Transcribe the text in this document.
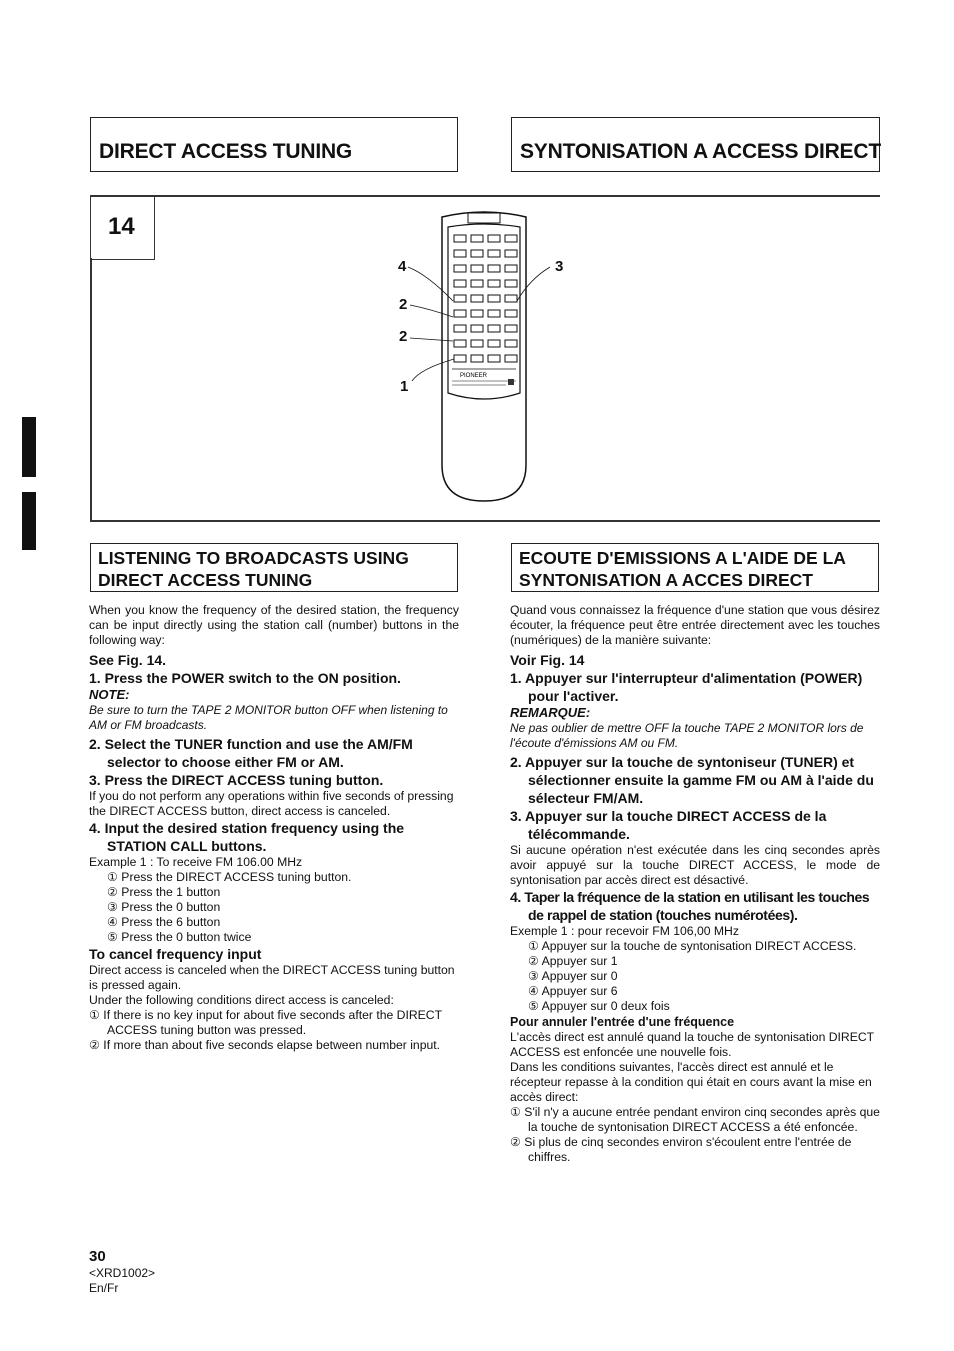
DIRECT ACCESS TUNING	SYNTONISATION A ACCESS DIRECT
14
PIONEER
4
2
2
1
3
LISTENING TO BROADCASTS USING DIRECT ACCESS TUNING
ECOUTE D'EMISSIONS A L'AIDE DE LA SYNTONISATION A ACCES DIRECT

When you know the frequency of the desired station, the frequency can be input directly using the station call (number) buttons in the following way:

See Fig. 14.

1. Press the POWER switch to the ON position.

NOTE:

Be sure to turn the TAPE 2 MONITOR button OFF when listening to AM or FM broadcasts.

2. Select the TUNER function and use the AM/FM selector to choose either FM or AM.

3. Press the DIRECT ACCESS tuning button.

If you do not perform any operations within five seconds of pressing the DIRECT ACCESS button, direct access is canceled.

4. Input the desired station frequency using the STATION CALL buttons.

Example 1 : To receive FM 106.00 MHz

① Press the DIRECT ACCESS tuning button.
② Press the 1 button
③ Press the 0 button
④ Press the 6 button
⑤ Press the 0 button twice

To cancel frequency input

Direct access is canceled when the DIRECT ACCESS tuning button is pressed again.

Under the following conditions direct access is canceled:

① If there is no key input for about five seconds after the DIRECT ACCESS tuning button was pressed.
② If more than about five seconds elapse between number input.

Quand vous connaissez la fréquence d'une station que vous désirez écouter, la fréquence peut être entrée directement avec les touches (numériques) de la manière suivante:

Voir Fig. 14

1. Appuyer sur l'interrupteur d'alimentation (POWER) pour l'activer.

REMARQUE:

Ne pas oublier de mettre OFF la touche TAPE 2 MONITOR lors de l'écoute d'émissions AM ou FM.

2. Appuyer sur la touche de syntoniseur (TUNER) et sélectionner ensuite la gamme FM ou AM à l'aide du sélecteur FM/AM.

3. Appuyer sur la touche DIRECT ACCESS de la télécommande.

Si aucune opération n'est exécutée dans les cinq secondes après avoir appuyé sur la touche DIRECT ACCESS, le mode de syntonisation par accès direct est désactivé.

4. Taper la fréquence de la station en utilisant les touches de rappel de station (touches numérotées).

Exemple 1 : pour recevoir FM 106,00 MHz

① Appuyer sur la touche de syntonisation DIRECT ACCESS.
② Appuyer sur 1
③ Appuyer sur 0
④ Appuyer sur 6
⑤ Appuyer sur 0 deux fois

Pour annuler l'entrée d'une fréquence

L'accès direct est annulé quand la touche de syntonisation DIRECT ACCESS est enfoncée une nouvelle fois.

Dans les conditions suivantes, l'accès direct est annulé et le récepteur repasse à la condition qui était en cours avant la mise en accès direct:

① S'il n'y a aucune entrée pendant environ cinq secondes après que la touche de syntonisation DIRECT ACCESS a été enfoncée.
② Si plus de cinq secondes environ s'écoulent entre l'entrée de chiffres.
30
<XRD1002>
En/Fr
